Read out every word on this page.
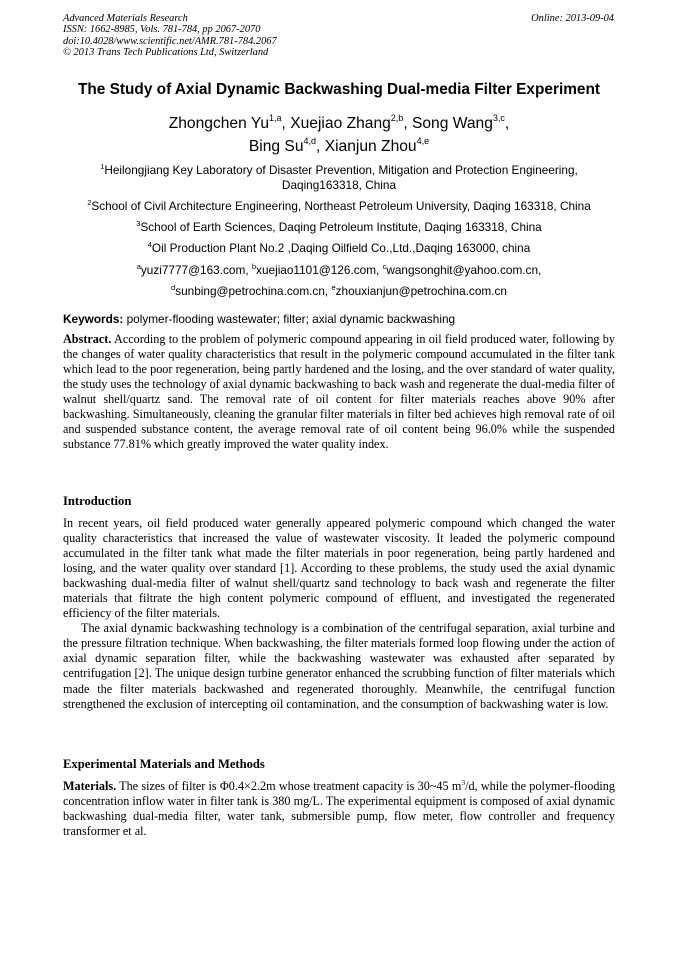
Advanced Materials Research
ISSN: 1662-8985, Vols. 781-784, pp 2067-2070
doi:10.4028/www.scientific.net/AMR.781-784.2067
© 2013 Trans Tech Publications Ltd, Switzerland
Online: 2013-09-04
The Study of Axial Dynamic Backwashing Dual-media Filter Experiment
Zhongchen Yu$^{1,a}$, Xuejiao Zhang$^{2,b}$, Song Wang$^{3,c}$,
Bing Su$^{4,d}$, Xianjun Zhou$^{4,e}$
$^1$Heilongjiang Key Laboratory of Disaster Prevention, Mitigation and Protection Engineering,
Daqing163318, China
$^2$School of Civil Architecture Engineering, Northeast Petroleum University, Daqing 163318, China
$^3$School of Earth Sciences, Daqing Petroleum Institute, Daqing 163318, China
$^4$Oil Production Plant No.2 ,Daqing Oilfield Co.,Ltd.,Daqing 163000, china
$^a$yuzi7777@163.com, $^b$xuejiao1101@126.com, $^c$wangsonghit@yahoo.com.cn,
$^d$sunbing@petrochina.com.cn, $^e$zhouxianjun@petrochina.com.cn
Keywords: polymer-flooding wastewater; filter; axial dynamic backwashing

Abstract. According to the problem of polymeric compound appearing in oil field produced water, following by the changes of water quality characteristics that result in the polymeric compound accumulated in the filter tank which lead to the poor regeneration, being partly hardened and the losing, and the over standard of water quality, the study uses the technology of axial dynamic backwashing to back wash and regenerate the dual-media filter of walnut shell/quartz sand. The removal rate of oil content for filter materials reaches above 90% after backwashing. Simultaneously, cleaning the granular filter materials in filter bed achieves high removal rate of oil and suspended substance content, the average removal rate of oil content being 96.0% while the suspended substance 77.81% which greatly improved the water quality index.

Introduction

In recent years, oil field produced water generally appeared polymeric compound which changed the water quality characteristics that increased the value of wastewater viscosity. It leaded the polymeric compound accumulated in the filter tank what made the filter materials in poor regeneration, being partly hardened and losing, and the water quality over standard [1]. According to these problems, the study used the axial dynamic backwashing dual-media filter of walnut shell/quartz sand technology to back wash and regenerate the filter materials that filtrate the high content polymeric compound of effluent, and investigated the regenerated efficiency of the filter materials.

The axial dynamic backwashing technology is a combination of the centrifugal separation, axial turbine and the pressure filtration technique. When backwashing, the filter materials formed loop flowing under the action of axial dynamic separation filter, while the backwashing wastewater was exhausted after separated by centrifugation [2]. The unique design turbine generator enhanced the scrubbing function of filter materials which made the filter materials backwashed and regenerated thoroughly. Meanwhile, the centrifugal function strengthened the exclusion of intercepting oil contamination, and the consumption of backwashing water is low.

Experimental Materials and Methods

Materials. The sizes of filter is Φ0.4×2.2m whose treatment capacity is 30~45 $m^3/d$, while the polymer-flooding concentration inflow water in filter tank is 380 mg/L. The experimental equipment is composed of axial dynamic backwashing dual-media filter, water tank, submersible pump, flow meter, flow controller and frequency transformer et al.
